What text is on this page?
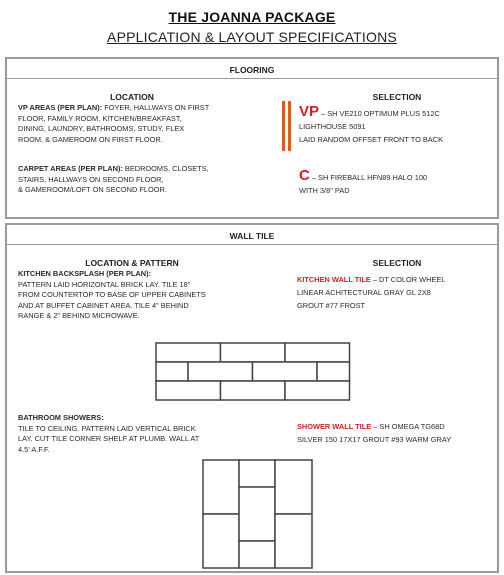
THE JOANNA PACKAGE
APPLICATION & LAYOUT SPECIFICATIONS
FLOORING
LOCATION	SELECTION
VP AREAS (PER PLAN): FOYER, HALLWAYS ON FIRST
FLOOR, FAMILY ROOM, KITCHEN/BREAKFAST,
DINING, LAUNDRY, BATHROOMS, STUDY, FLEX
ROOM, & GAMEROOM ON FIRST FLOOR.
CARPET AREAS (PER PLAN): BEDROOMS, CLOSETS,
STAIRS, HALLWAYS ON SECOND FLOOR,
& GAMEROOM/LOFT ON SECOND FLOOR.
VP – SH VE210 OPTIMUM PLUS 512C
LIGHTHOUSE 5091
LAID RANDOM OFFSET FRONT TO BACK
C – SH FIREBALL HFN89 HALO 100
WITH 3/8" PAD
WALL TILE
LOCATION & PATTERN	SELECTION
KITCHEN BACKSPLASH (PER PLAN):
PATTERN LAID HORIZONTAL BRICK LAY. TILE 18"
FROM COUNTERTOP TO BASE OF UPPER CABINETS
AND AT BUFFET CABINET AREA. TILE 4" BEHIND
RANGE & 2" BEHIND MICROWAVE.
KITCHEN WALL TILE – DT COLOR WHEEL
LINEAR ACHITECTURAL GRAY GL 2X8
GROUT #77 FROST
BATHROOM SHOWERS:
TILE TO CEILING. PATTERN LAID VERTICAL BRICK
LAY. CUT TILE CORNER SHELF AT PLUMB. WALL AT
4.5' A.F.F.
SHOWER WALL TILE – SH OMEGA TG68D
SILVER 150 17X17 GROUT #93 WARM GRAY
